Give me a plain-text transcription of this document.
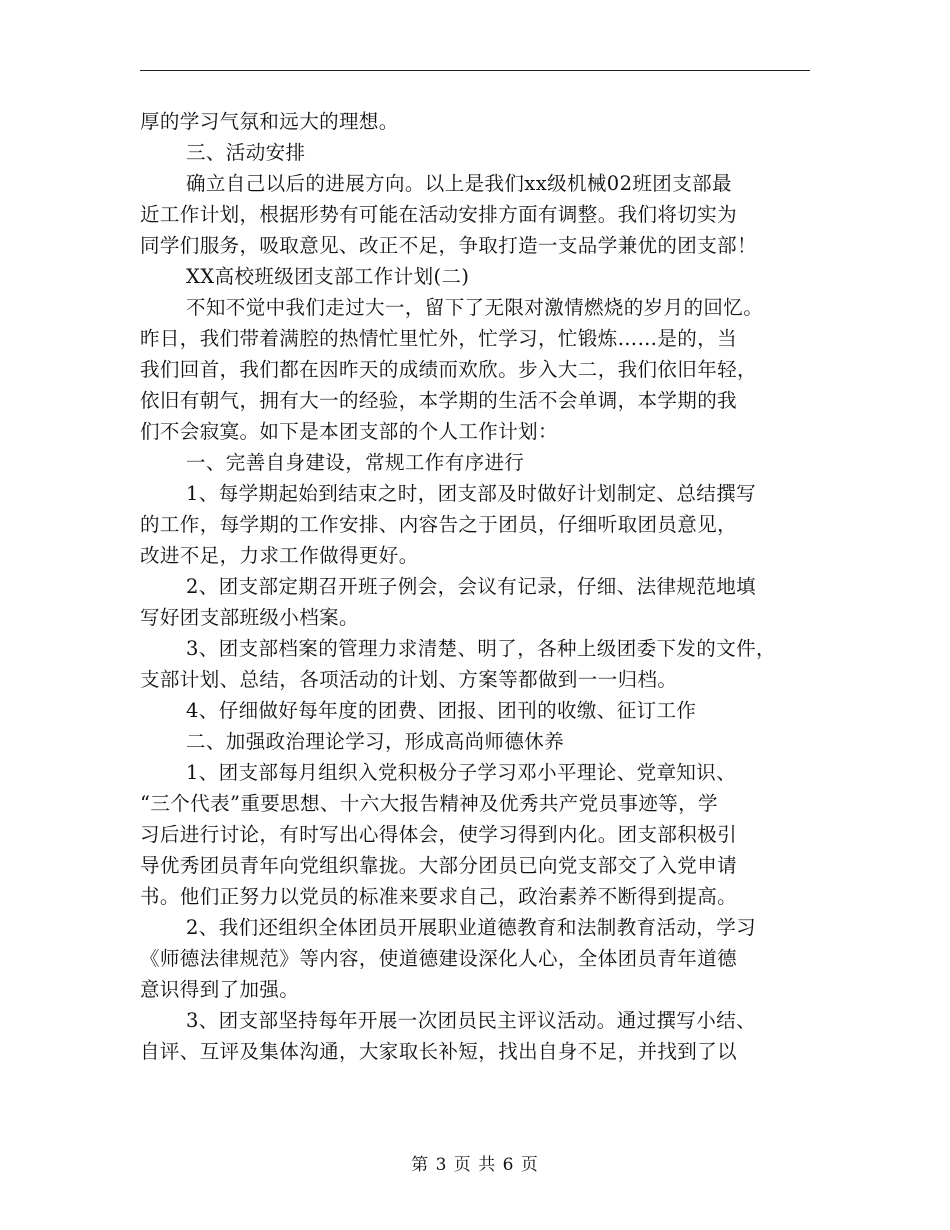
厚的学习气氛和远大的理想。
三、活动安排
确立自己以后的进展方向。以上是我们xx级机械02班团支部最
近工作计划，根据形势有可能在活动安排方面有调整。我们将切实为
同学们服务，吸取意见、改正不足，争取打造一支品学兼优的团支部！
XX高校班级团支部工作计划(二)
不知不觉中我们走过大一，留下了无限对激情燃烧的岁月的回忆。
昨日，我们带着满腔的热情忙里忙外，忙学习，忙锻炼……是的，当
我们回首，我们都在因昨天的成绩而欢欣。步入大二，我们依旧年轻，
依旧有朝气，拥有大一的经验，本学期的生活不会单调，本学期的我
们不会寂寞。如下是本团支部的个人工作计划：
一、完善自身建设，常规工作有序进行
1、每学期起始到结束之时，团支部及时做好计划制定、总结撰写
的工作，每学期的工作安排、内容告之于团员，仔细听取团员意见，
改进不足，力求工作做得更好。
2、团支部定期召开班子例会，会议有记录，仔细、法律规范地填
写好团支部班级小档案。
3、团支部档案的管理力求清楚、明了，各种上级团委下发的文件，
支部计划、总结，各项活动的计划、方案等都做到一一归档。
4、仔细做好每年度的团费、团报、团刊的收缴、征订工作
二、加强政治理论学习，形成高尚师德休养
1、团支部每月组织入党积极分子学习邓小平理论、党章知识、
“三个代表”重要思想、十六大报告精神及优秀共产党员事迹等，学
习后进行讨论，有时写出心得体会，使学习得到内化。团支部积极引
导优秀团员青年向党组织靠拢。大部分团员已向党支部交了入党申请
书。他们正努力以党员的标准来要求自己，政治素养不断得到提高。
2、我们还组织全体团员开展职业道德教育和法制教育活动，学习
《师德法律规范》等内容，使道德建设深化人心，全体团员青年道德
意识得到了加强。
3、团支部坚持每年开展一次团员民主评议活动。通过撰写小结、
自评、互评及集体沟通，大家取长补短，找出自身不足，并找到了以
第 3 页 共 6 页
